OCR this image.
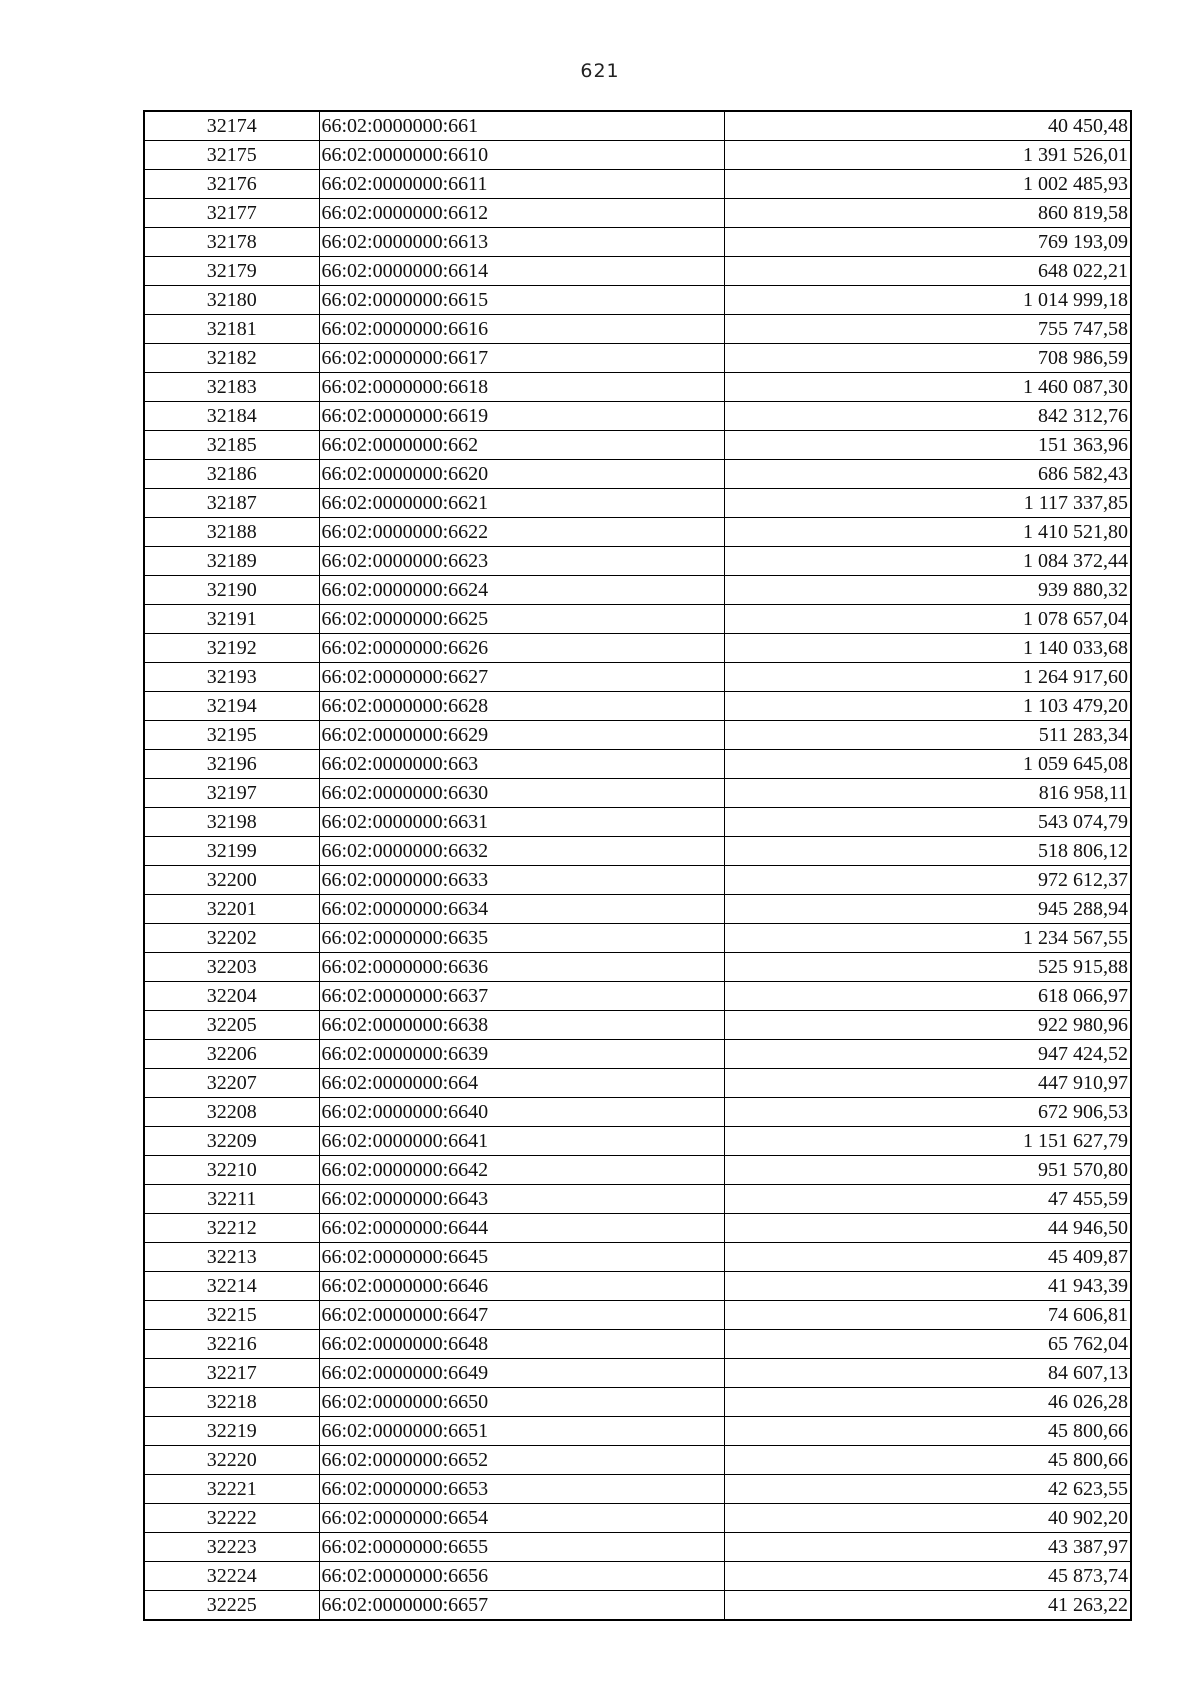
621
32174	66:02:0000000:661	40 450,48
32175	66:02:0000000:6610	1 391 526,01
32176	66:02:0000000:6611	1 002 485,93
32177	66:02:0000000:6612	860 819,58
32178	66:02:0000000:6613	769 193,09
32179	66:02:0000000:6614	648 022,21
32180	66:02:0000000:6615	1 014 999,18
32181	66:02:0000000:6616	755 747,58
32182	66:02:0000000:6617	708 986,59
32183	66:02:0000000:6618	1 460 087,30
32184	66:02:0000000:6619	842 312,76
32185	66:02:0000000:662	151 363,96
32186	66:02:0000000:6620	686 582,43
32187	66:02:0000000:6621	1 117 337,85
32188	66:02:0000000:6622	1 410 521,80
32189	66:02:0000000:6623	1 084 372,44
32190	66:02:0000000:6624	939 880,32
32191	66:02:0000000:6625	1 078 657,04
32192	66:02:0000000:6626	1 140 033,68
32193	66:02:0000000:6627	1 264 917,60
32194	66:02:0000000:6628	1 103 479,20
32195	66:02:0000000:6629	511 283,34
32196	66:02:0000000:663	1 059 645,08
32197	66:02:0000000:6630	816 958,11
32198	66:02:0000000:6631	543 074,79
32199	66:02:0000000:6632	518 806,12
32200	66:02:0000000:6633	972 612,37
32201	66:02:0000000:6634	945 288,94
32202	66:02:0000000:6635	1 234 567,55
32203	66:02:0000000:6636	525 915,88
32204	66:02:0000000:6637	618 066,97
32205	66:02:0000000:6638	922 980,96
32206	66:02:0000000:6639	947 424,52
32207	66:02:0000000:664	447 910,97
32208	66:02:0000000:6640	672 906,53
32209	66:02:0000000:6641	1 151 627,79
32210	66:02:0000000:6642	951 570,80
32211	66:02:0000000:6643	47 455,59
32212	66:02:0000000:6644	44 946,50
32213	66:02:0000000:6645	45 409,87
32214	66:02:0000000:6646	41 943,39
32215	66:02:0000000:6647	74 606,81
32216	66:02:0000000:6648	65 762,04
32217	66:02:0000000:6649	84 607,13
32218	66:02:0000000:6650	46 026,28
32219	66:02:0000000:6651	45 800,66
32220	66:02:0000000:6652	45 800,66
32221	66:02:0000000:6653	42 623,55
32222	66:02:0000000:6654	40 902,20
32223	66:02:0000000:6655	43 387,97
32224	66:02:0000000:6656	45 873,74
32225	66:02:0000000:6657	41 263,22
